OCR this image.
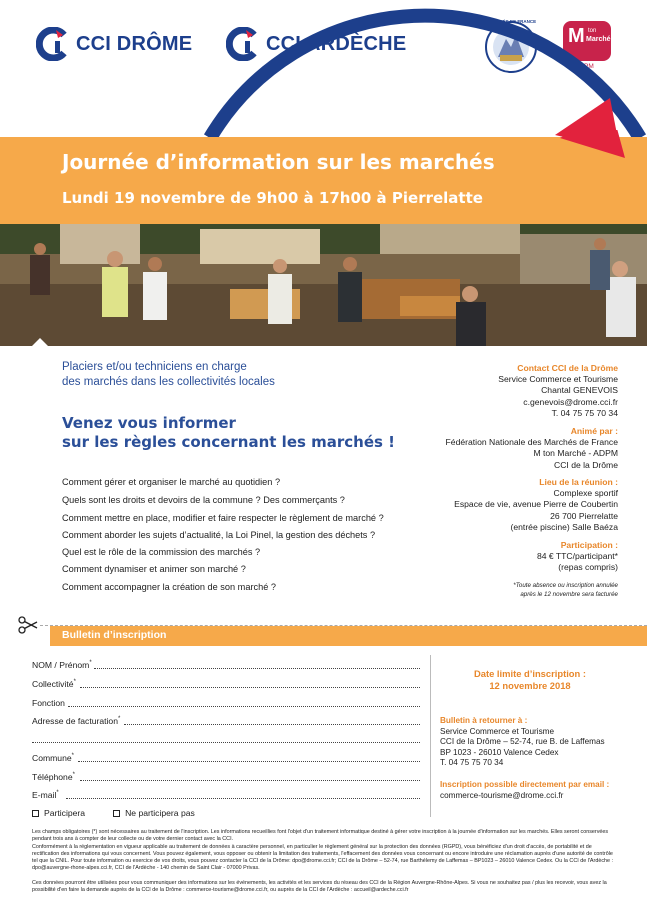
CCI DRÔME	CCI ARDÈCHE
MARCHÉS DE FRANCE
M ton
Marché
ADPM
Journée d’information sur les marchés
Lundi 19 novembre de 9h00 à 17h00 à Pierrelatte
Placiers et/ou techniciens en charge
des marchés dans les collectivités locales
Venez vous informer
sur les règles concernant les marchés !
Comment gérer et organiser le marché au quotidien ?
Quels sont les droits et devoirs de la commune ? Des commerçants ?
Comment mettre en place, modifier et faire respecter le règlement de marché ?
Comment aborder les sujets d’actualité, la Loi Pinel, la gestion des déchets ?
Quel est le rôle de la commission des marchés ?
Comment dynamiser et animer son marché ?
Comment accompagner la création de son marché ?
Contact CCI de la Drôme
Service Commerce et Tourisme
Chantal GENEVOIS
c.genevois@drome.cci.fr
T. 04 75 75 70 34
Animé par :
Fédération Nationale des Marchés de France
M ton Marché - ADPM
CCI de la Drôme
Lieu de la réunion :
Complexe sportif
Espace de vie, avenue Pierre de Coubertin
26 700 Pierrelatte
(entrée piscine) Salle Baéza
Participation :
84 € TTC/participant*
(repas compris)
*Toute absence ou inscription annulée
après le 12 novembre sera facturée
Bulletin d’inscription
NOM / Prénom*
Collectivité*
Fonction
Adresse de facturation*
Commune*
Téléphone*
E-mail*
Participera	Ne participera pas
Date limite d’inscription :
12 novembre 2018
Bulletin à retourner à :
Service Commerce et Tourisme
CCI de la Drôme – 52-74, rue B. de Laffemas
BP 1023 - 26010 Valence Cedex
T. 04 75 75 70 34
Inscription possible directement par email :
commerce-tourisme@drome.cci.fr
Les champs obligatoires (*) sont nécessaires au traitement de l'inscription. Les informations recueillies font l'objet d'un traitement informatique destiné à gérer votre inscription à la journée d'information sur les marchés. Elles seront conservées pendant trois ans à compter de leur collecte ou de votre dernier contact avec la CCI.
Conformément à la réglementation en vigueur applicable au traitement de données à caractère personnel, en particulier le règlement général sur la protection des données (RGPD), vous bénéficiez d'un droit d'accès, de portabilité et de rectification des informations qui vous concernent. Vous pouvez également, vous opposer ou obtenir la limitation des traitements, l'effacement des données vous concernant ou encore introduire une réclamation auprès d'une autorité de contrôle tel que la CNIL. Pour toute information ou exercice de vos droits, vous pouvez contacter la CCI de la Drôme: dpo@drome.cci.fr; CCI de la Drôme – 52-74, rue Barthélemy de Laffemas – BP1023 – 26010 Valence Cedex. Ou la CCI de l'Ardèche : dpo@auvergne-rhone-alpes.cci.fr, CCI de l'Ardèche - 140 chemin de Saint Clair - 07000 Privas.
Ces données pourront être utilisées pour vous communiquer des informations sur les événements, les activités et les services du réseau des CCI de la Région Auvergne-Rhône-Alpes. Si vous ne souhaitez pas / plus les recevoir, vous avez la possibilité d'en faire la demande auprès de la CCI de la Drôme : commerce-tourisme@drome.cci.fr, ou auprès de la CCI de l'Ardèche : accueil@ardeche.cci.fr
